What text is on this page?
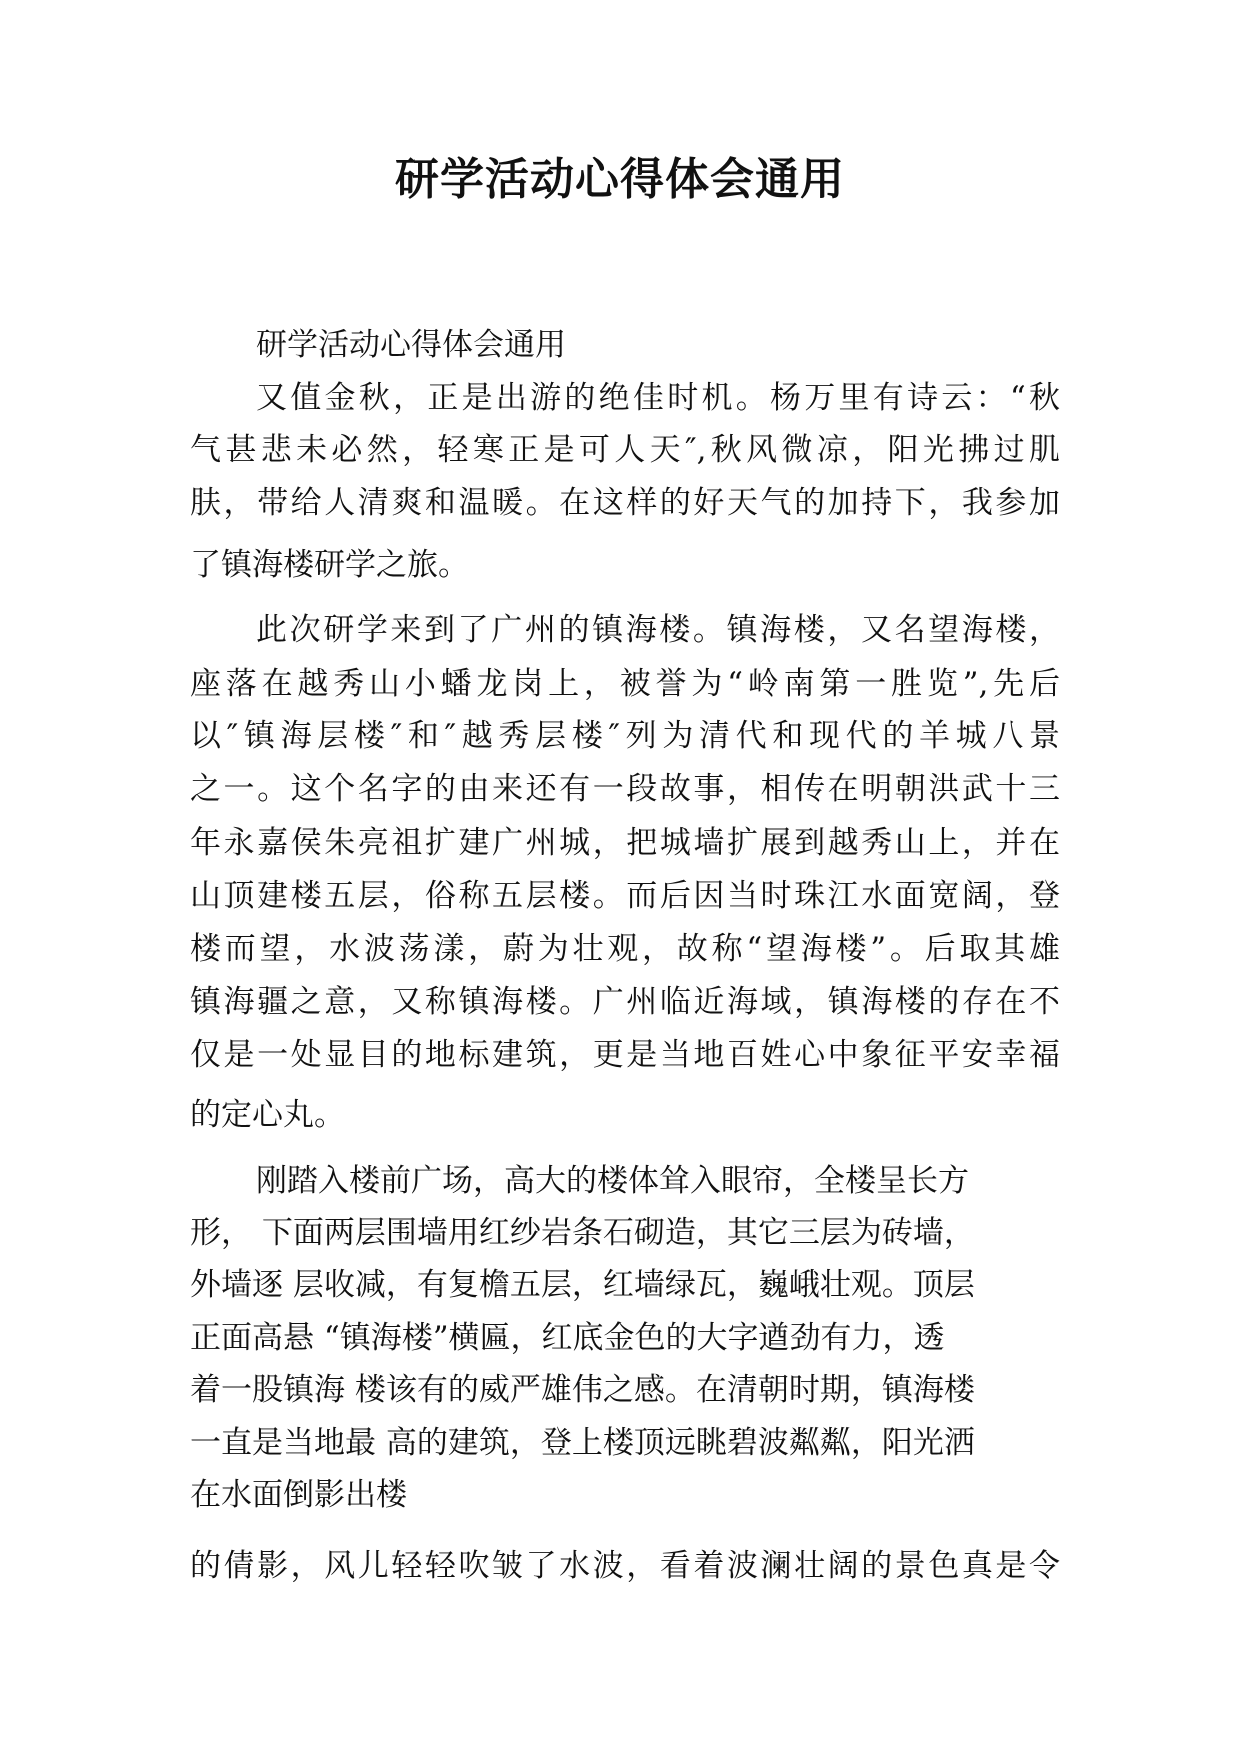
研学活动心得体会通用
研学活动心得体会通用
又值金秋，正是出游的绝佳时机。杨万里有诗云：“秋
气甚悲未必然，轻寒正是可人天″,秋风微凉，阳光拂过肌
肤，带给人清爽和温暖。在这样的好天气的加持下，我参加
了镇海楼研学之旅。
此次研学来到了广州的镇海楼。镇海楼，又名望海楼，
座落在越秀山小蟠龙岗上，被誉为“岭南第一胜览”,先后
以″镇海层楼″和″越秀层楼″列为清代和现代的羊城八景
之一。这个名字的由来还有一段故事，相传在明朝洪武十三
年永嘉侯朱亮祖扩建广州城，把城墙扩展到越秀山上，并在
山顶建楼五层，俗称五层楼。而后因当时珠江水面宽阔，登
楼而望，水波荡漾，蔚为壮观，故称“望海楼”。后取其雄
镇海疆之意，又称镇海楼。广州临近海域，镇海楼的存在不
仅是一处显目的地标建筑，更是当地百姓心中象征平安幸福
的定心丸。
刚踏入楼前广场，高大的楼体耸入眼帘，全楼呈长方
形， 下面两层围墙用红纱岩条石砌造，其它三层为砖墙，
外墙逐 层收减，有复檐五层，红墙绿瓦，巍峨壮观。顶层
正面高悬 “镇海楼”横匾，红底金色的大字遒劲有力，透
着一股镇海 楼该有的威严雄伟之感。在清朝时期，镇海楼
一直是当地最 高的建筑，登上楼顶远眺碧波粼粼，阳光洒
在水面倒影出楼
的倩影，风儿轻轻吹皱了水波，看着波澜壮阔的景色真是令
